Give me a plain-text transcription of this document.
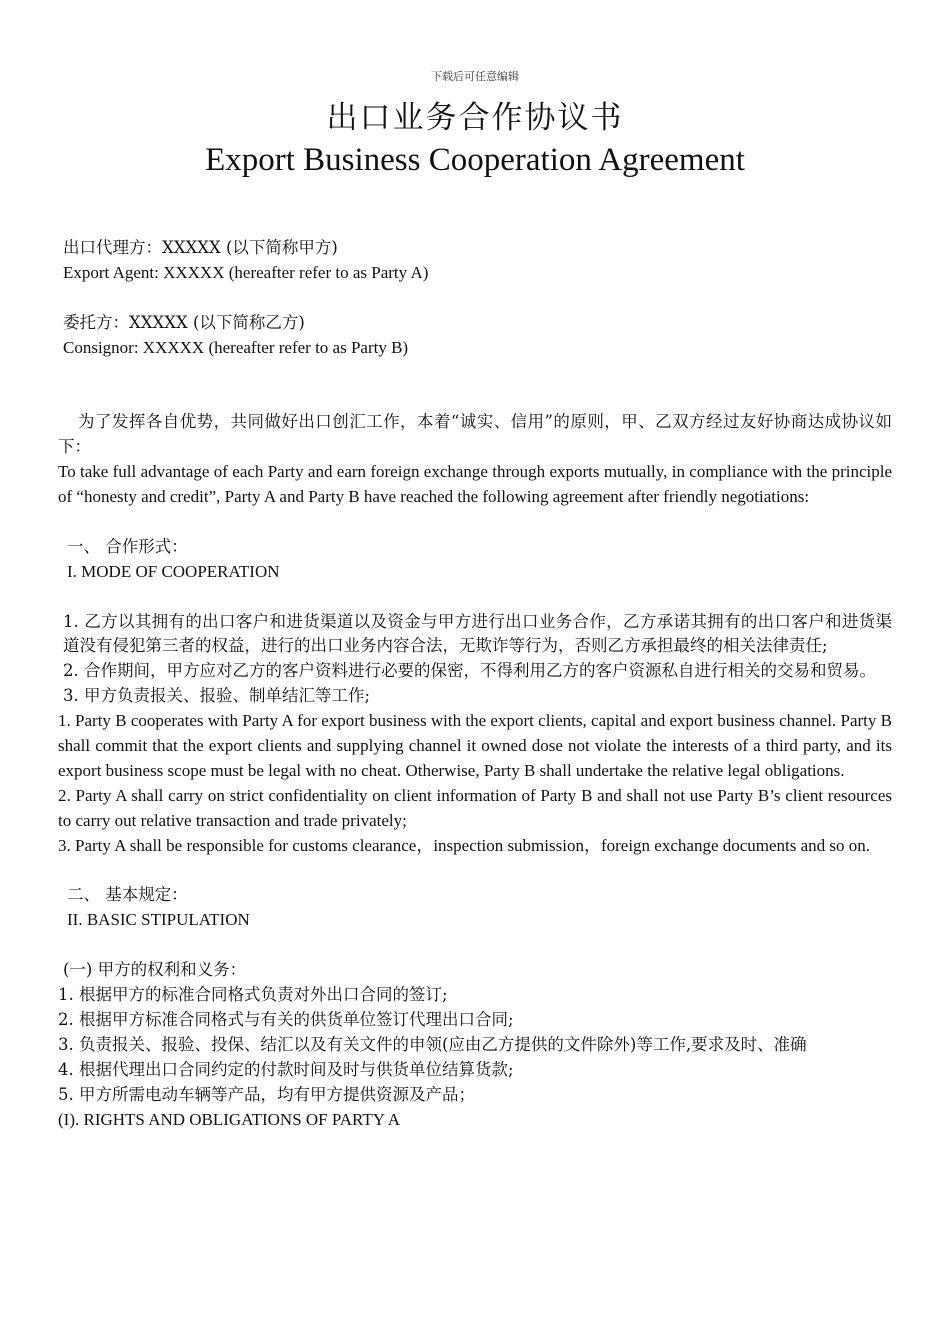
下载后可任意编辑
出口业务合作协议书
Export Business Cooperation Agreement

出口代理方：XXXXX (以下简称甲方)

Export Agent: XXXXX (hereafter refer to as Party A)

委托方：XXXXX (以下简称乙方)

Consignor: XXXXX (hereafter refer to as Party B)

为了发挥各自优势，共同做好出口创汇工作，本着“诚实、信用”的原则，甲、乙双方经过友好协商达成协议如下：

To take full advantage of each Party and earn foreign exchange through exports mutually, in compliance with the principle of “honesty and credit”, Party A and Party B have reached the following agreement after friendly negotiations:

一、 合作形式：

I. MODE OF COOPERATION

1. 乙方以其拥有的出口客户和进货渠道以及资金与甲方进行出口业务合作，乙方承诺其拥有的出口客户和进货渠道没有侵犯第三者的权益，进行的出口业务内容合法，无欺诈等行为，否则乙方承担最终的相关法律责任;

2. 合作期间，甲方应对乙方的客户资料进行必要的保密，不得利用乙方的客户资源私自进行相关的交易和贸易。

3. 甲方负责报关、报验、制单结汇等工作;

1. Party B cooperates with Party A for export business with the export clients, capital and export business channel. Party B shall commit that the export clients and supplying channel it owned dose not violate the interests of a third party, and its export business scope must be legal with no cheat. Otherwise, Party B shall undertake the relative legal obligations.

2. Party A shall carry on strict confidentiality on client information of Party B and shall not use Party B’s client resources to carry out relative transaction and trade privately;

3. Party A shall be responsible for customs clearance，inspection submission，foreign exchange documents and so on.

二、 基本规定：

II. BASIC STIPULATION

(一) 甲方的权利和义务：

1. 根据甲方的标准合同格式负责对外出口合同的签订;

2. 根据甲方标准合同格式与有关的供货单位签订代理出口合同;

3. 负责报关、报验、投保、结汇以及有关文件的申领(应由乙方提供的文件除外)等工作,要求及时、准确

4. 根据代理出口合同约定的付款时间及时与供货单位结算货款;

5. 甲方所需电动车辆等产品，均有甲方提供资源及产品；

(I). RIGHTS AND OBLIGATIONS OF PARTY A
